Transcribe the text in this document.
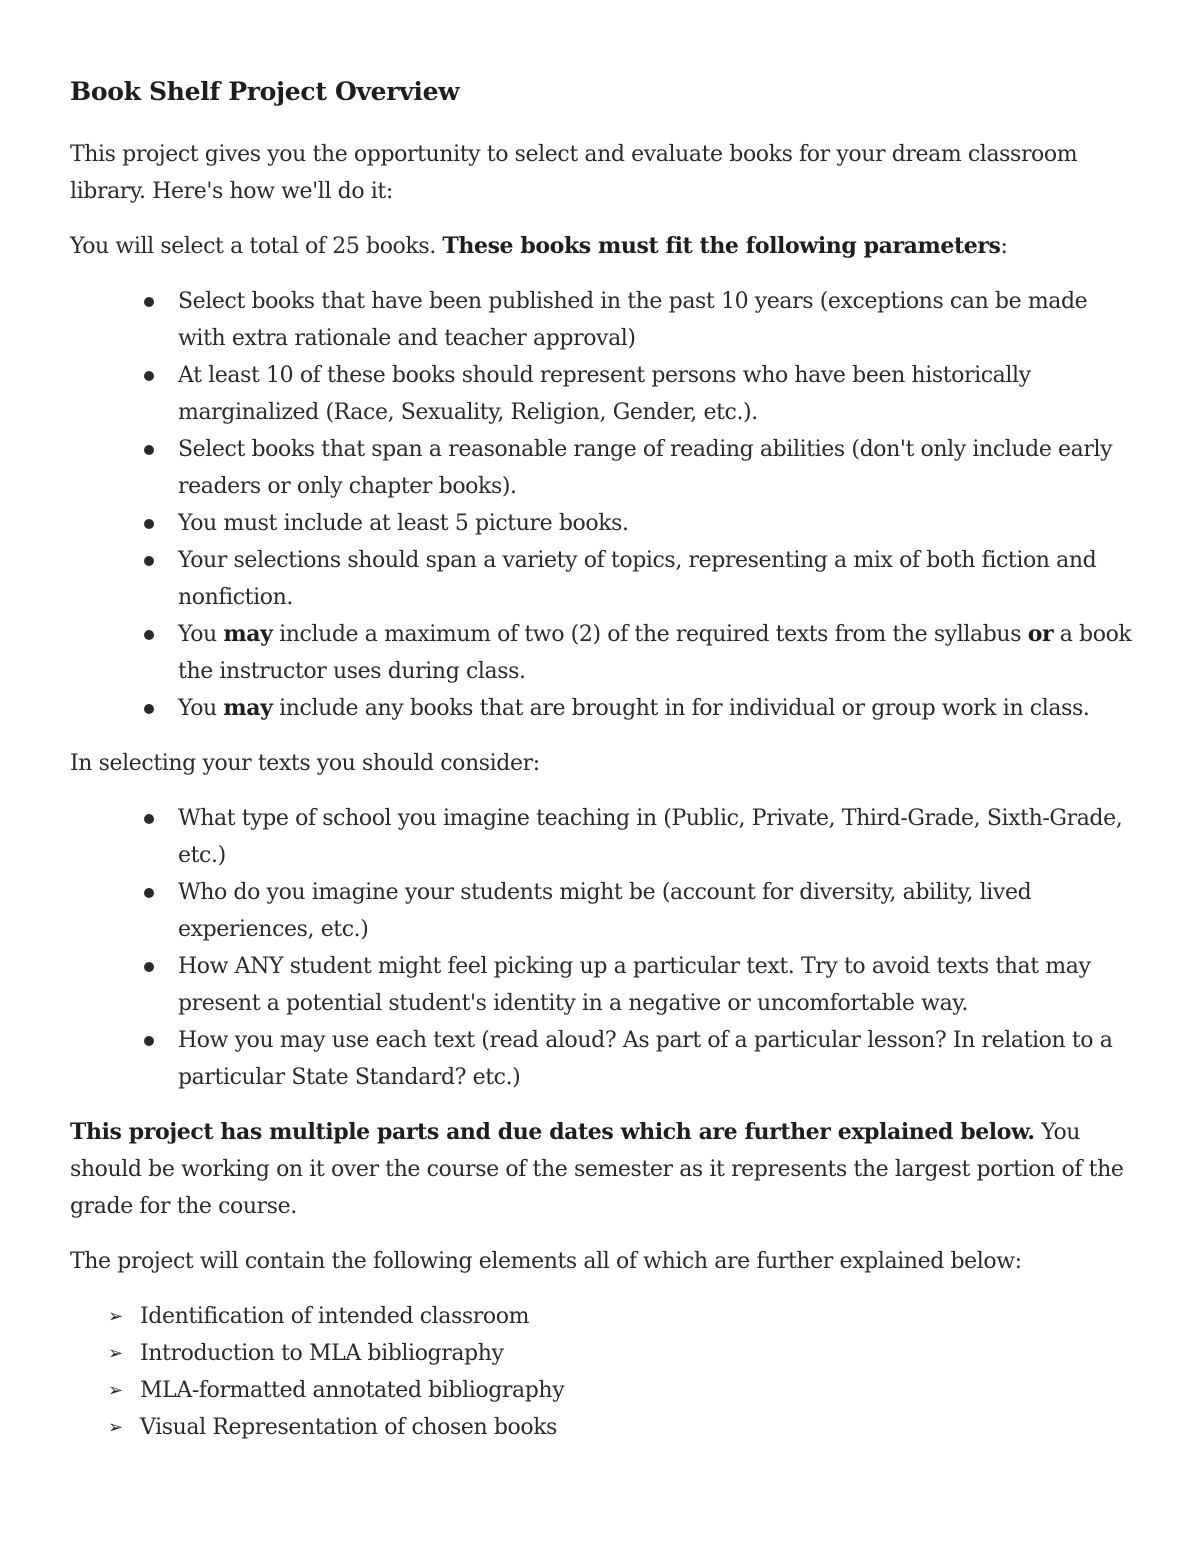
Book Shelf Project Overview

This project gives you the opportunity to select and evaluate books for your dream classroom library. Here's how we'll do it:

You will select a total of 25 books. These books must fit the following parameters:

Select books that have been published in the past 10 years (exceptions can be made with extra rationale and teacher approval)
At least 10 of these books should represent persons who have been historically marginalized (Race, Sexuality, Religion, Gender, etc.).
Select books that span a reasonable range of reading abilities (don't only include early readers or only chapter books).
You must include at least 5 picture books.
Your selections should span a variety of topics, representing a mix of both fiction and nonfiction.
You may include a maximum of two (2) of the required texts from the syllabus or a book the instructor uses during class.
You may include any books that are brought in for individual or group work in class.

In selecting your texts you should consider:

What type of school you imagine teaching in (Public, Private, Third-Grade, Sixth-Grade, etc.)
Who do you imagine your students might be (account for diversity, ability, lived experiences, etc.)
How ANY student might feel picking up a particular text. Try to avoid texts that may present a potential student's identity in a negative or uncomfortable way.
How you may use each text (read aloud? As part of a particular lesson? In relation to a particular State Standard? etc.)

This project has multiple parts and due dates which are further explained below. You should be working on it over the course of the semester as it represents the largest portion of the grade for the course.

The project will contain the following elements all of which are further explained below:

➢ Identification of intended classroom
➢ Introduction to MLA bibliography
➢ MLA-formatted annotated bibliography
➢ Visual Representation of chosen books
